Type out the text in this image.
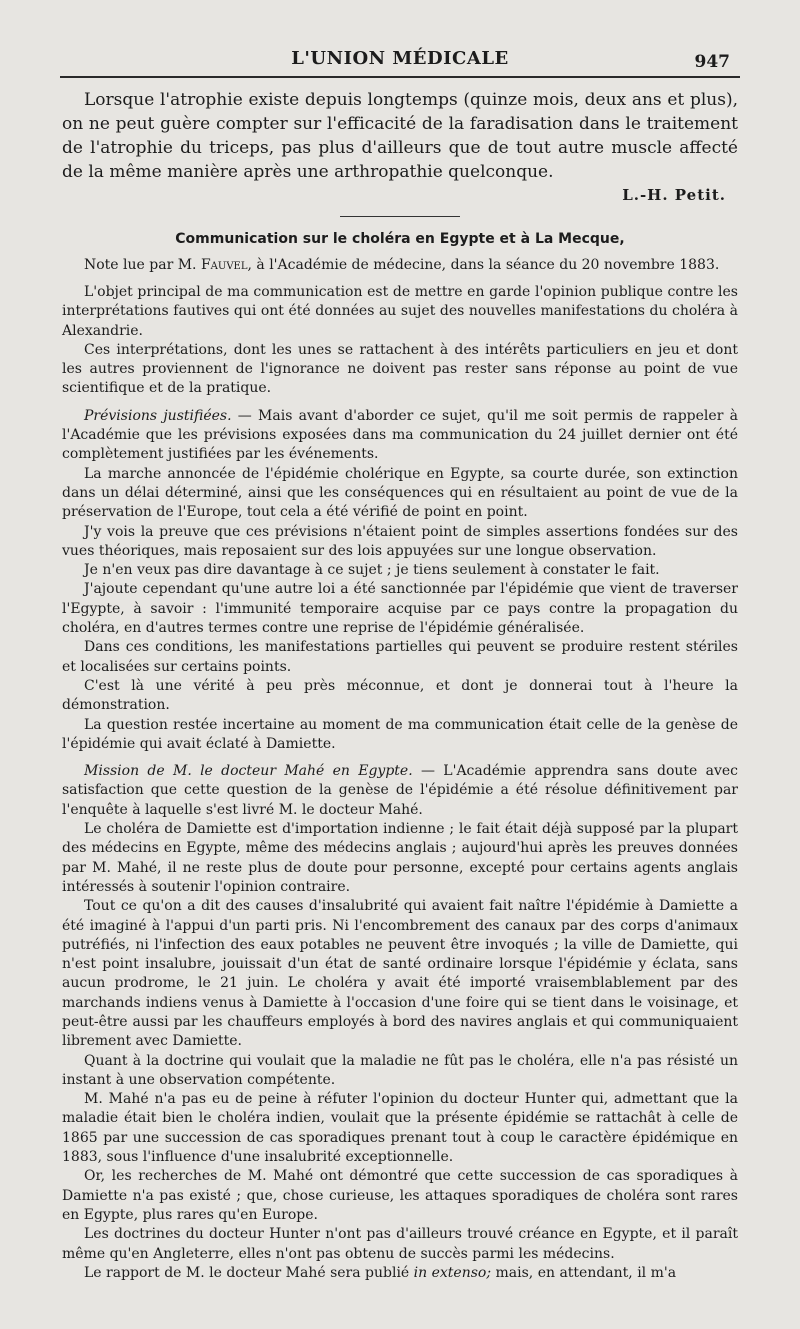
L'UNION MÉDICALE	947

Lorsque l'atrophie existe depuis longtemps (quinze mois, deux ans et plus), on ne peut guère compter sur l'efficacité de la faradisation dans le traitement de l'atrophie du triceps, pas plus d'ailleurs que de tout autre muscle affecté de la même manière après une arthropathie quelconque.

L.-H. Petit.
Communication sur le choléra en Egypte et à La Mecque,

Note lue par M. Fauvel, à l'Académie de médecine, dans la séance du 20 novembre 1883.

L'objet principal de ma communication est de mettre en garde l'opinion publique contre les interprétations fautives qui ont été données au sujet des nouvelles manifestations du choléra à Alexandrie.

Ces interprétations, dont les unes se rattachent à des intérêts particuliers en jeu et dont les autres proviennent de l'ignorance ne doivent pas rester sans réponse au point de vue scientifique et de la pratique.

Prévisions justifiées. — Mais avant d'aborder ce sujet, qu'il me soit permis de rappeler à l'Académie que les prévisions exposées dans ma communication du 24 juillet dernier ont été complètement justifiées par les événements.

La marche annoncée de l'épidémie cholérique en Egypte, sa courte durée, son extinction dans un délai déterminé, ainsi que les conséquences qui en résultaient au point de vue de la préservation de l'Europe, tout cela a été vérifié de point en point.

J'y vois la preuve que ces prévisions n'étaient point de simples assertions fondées sur des vues théoriques, mais reposaient sur des lois appuyées sur une longue observation.

Je n'en veux pas dire davantage à ce sujet ; je tiens seulement à constater le fait.

J'ajoute cependant qu'une autre loi a été sanctionnée par l'épidémie que vient de traverser l'Egypte, à savoir : l'immunité temporaire acquise par ce pays contre la propagation du choléra, en d'autres termes contre une reprise de l'épidémie généralisée.

Dans ces conditions, les manifestations partielles qui peuvent se produire restent stériles et localisées sur certains points.

C'est là une vérité à peu près méconnue, et dont je donnerai tout à l'heure la démonstration.

La question restée incertaine au moment de ma communication était celle de la genèse de l'épidémie qui avait éclaté à Damiette.

Mission de M. le docteur Mahé en Egypte. — L'Académie apprendra sans doute avec satisfaction que cette question de la genèse de l'épidémie a été résolue définitivement par l'enquête à laquelle s'est livré M. le docteur Mahé.

Le choléra de Damiette est d'importation indienne ; le fait était déjà supposé par la plupart des médecins en Egypte, même des médecins anglais ; aujourd'hui après les preuves données par M. Mahé, il ne reste plus de doute pour personne, excepté pour certains agents anglais intéressés à soutenir l'opinion contraire.

Tout ce qu'on a dit des causes d'insalubrité qui avaient fait naître l'épidémie à Damiette a été imaginé à l'appui d'un parti pris. Ni l'encombrement des canaux par des corps d'animaux putréfiés, ni l'infection des eaux potables ne peuvent être invoqués ; la ville de Damiette, qui n'est point insalubre, jouissait d'un état de santé ordinaire lorsque l'épidémie y éclata, sans aucun prodrome, le 21 juin. Le choléra y avait été importé vraisemblablement par des marchands indiens venus à Damiette à l'occasion d'une foire qui se tient dans le voisinage, et peut-être aussi par les chauffeurs employés à bord des navires anglais et qui communiquaient librement avec Damiette.

Quant à la doctrine qui voulait que la maladie ne fût pas le choléra, elle n'a pas résisté un instant à une observation compétente.

M. Mahé n'a pas eu de peine à réfuter l'opinion du docteur Hunter qui, admettant que la maladie était bien le choléra indien, voulait que la présente épidémie se rattachât à celle de 1865 par une succession de cas sporadiques prenant tout à coup le caractère épidémique en 1883, sous l'influence d'une insalubrité exceptionnelle.

Or, les recherches de M. Mahé ont démontré que cette succession de cas sporadiques à Damiette n'a pas existé ; que, chose curieuse, les attaques sporadiques de choléra sont rares en Egypte, plus rares qu'en Europe.

Les doctrines du docteur Hunter n'ont pas d'ailleurs trouvé créance en Egypte, et il paraît même qu'en Angleterre, elles n'ont pas obtenu de succès parmi les médecins.

Le rapport de M. le docteur Mahé sera publié in extenso; mais, en attendant, il m'a
